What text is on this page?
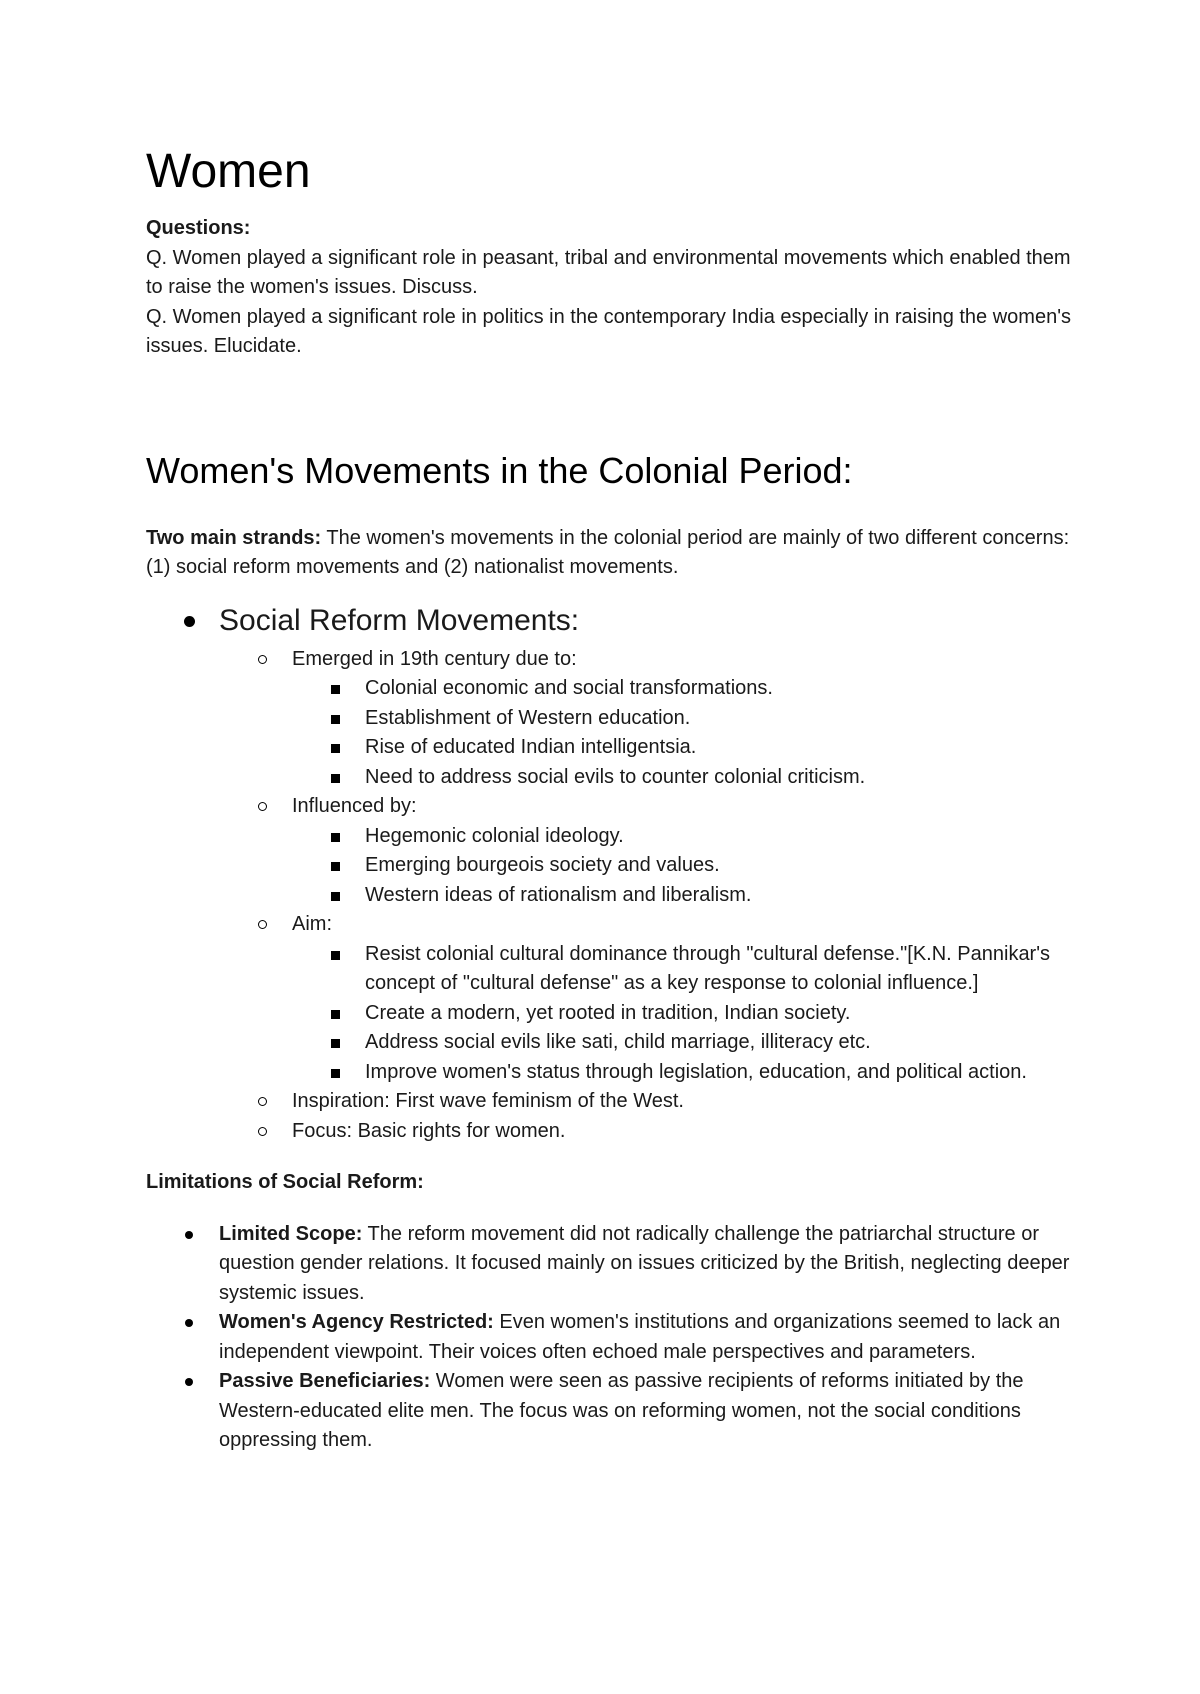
Women

Questions:

Q. Women played a significant role in peasant, tribal and environmental movements which enabled them to raise the women's issues. Discuss.

Q. Women played a significant role in politics in the contemporary India especially in raising the women's issues. Elucidate.

Women's Movements in the Colonial Period:

Two main strands: The women's movements in the colonial period are mainly of two different concerns: (1) social reform movements and (2) nationalist movements.

Social Reform Movements:
Emerged in 19th century due to:
Colonial economic and social transformations.
Establishment of Western education.
Rise of educated Indian intelligentsia.
Need to address social evils to counter colonial criticism.
Influenced by:
Hegemonic colonial ideology.
Emerging bourgeois society and values.
Western ideas of rationalism and liberalism.
Aim:
Resist colonial cultural dominance through "cultural defense."[K.N. Pannikar's concept of "cultural defense" as a key response to colonial influence.]
Create a modern, yet rooted in tradition, Indian society.
Address social evils like sati, child marriage, illiteracy etc.
Improve women's status through legislation, education, and political action.
Inspiration: First wave feminism of the West.
Focus: Basic rights for women.

Limitations of Social Reform:

Limited Scope: The reform movement did not radically challenge the patriarchal structure or question gender relations. It focused mainly on issues criticized by the British, neglecting deeper systemic issues.
Women's Agency Restricted: Even women's institutions and organizations seemed to lack an independent viewpoint. Their voices often echoed male perspectives and parameters.
Passive Beneficiaries: Women were seen as passive recipients of reforms initiated by the Western-educated elite men. The focus was on reforming women, not the social conditions oppressing them.
